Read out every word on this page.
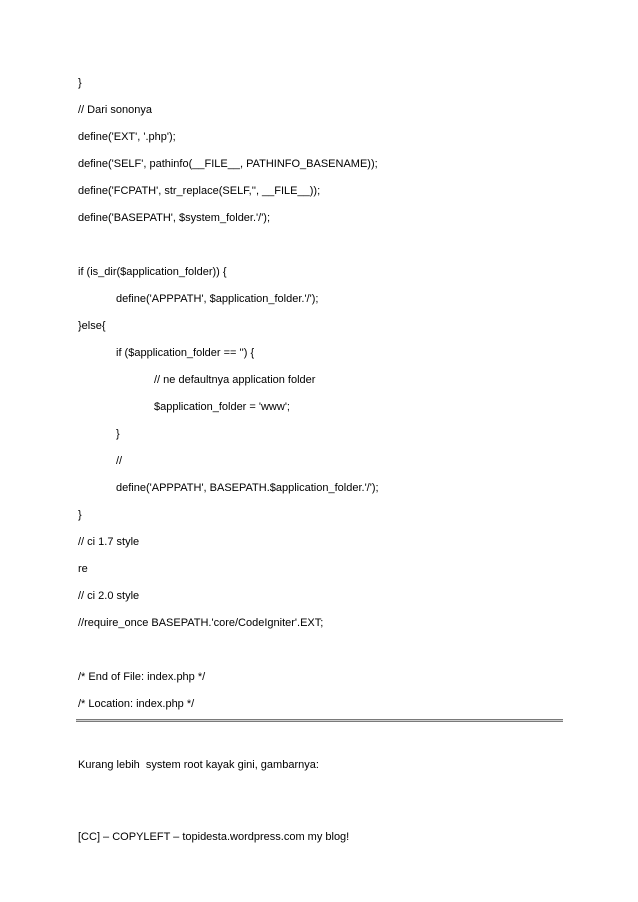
}
// Dari sononya
define('EXT', '.php');
define('SELF', pathinfo(__FILE__, PATHINFO_BASENAME));
define('FCPATH', str_replace(SELF,'', __FILE__));
define('BASEPATH', $system_folder.'/');
if (is_dir($application_folder)) {
define('APPPATH', $application_folder.'/');
}else{
if ($application_folder == '') {
// ne defaultnya application folder
$application_folder = 'www';
}
//
define('APPPATH', BASEPATH.$application_folder.'/');
}
// ci 1.7 style
re
// ci 2.0 style
//require_once BASEPATH.'core/CodeIgniter'.EXT;
/* End of File: index.php */
/* Location: index.php */
Kurang lebih  system root kayak gini, gambarnya:
[CC] – COPYLEFT – topidesta.wordpress.com my blog!
